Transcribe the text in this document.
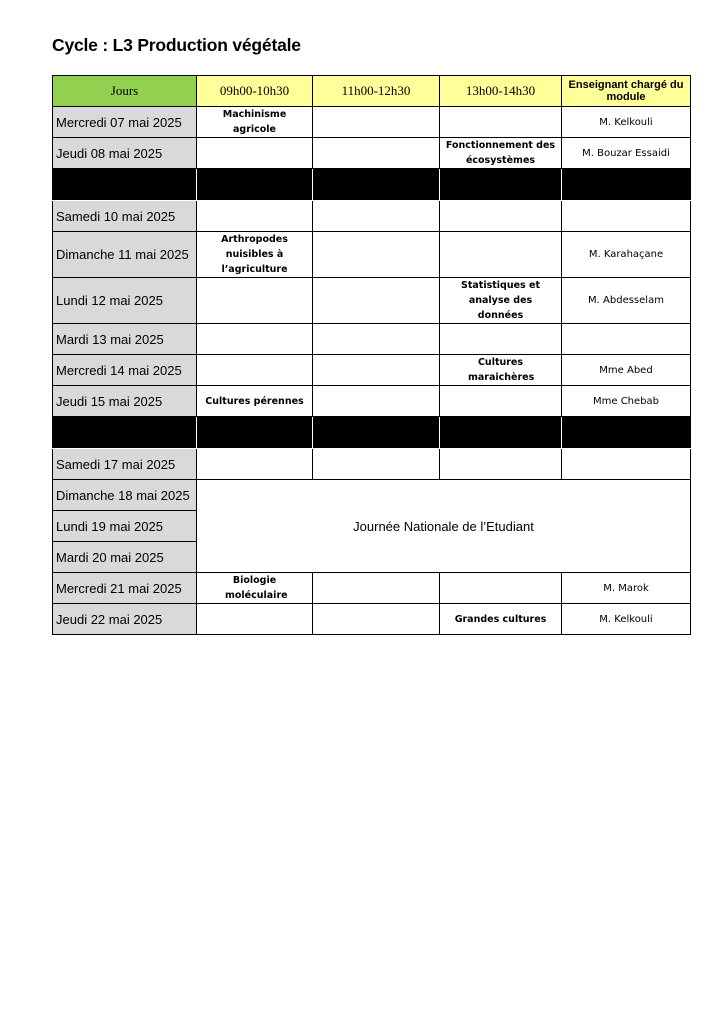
Cycle : L3 Production végétale
Jours	09h00-10h30	11h00-12h30	13h00-14h30	Enseignant chargé du module
Mercredi 07 mai 2025	Machinisme agricole			M. Kelkouli
Jeudi 08 mai 2025			Fonctionnement des écosystèmes	M. Bouzar Essaidi

Samedi 10 mai 2025				
Dimanche 11 mai 2025	Arthropodes nuisibles à l’agriculture			M. Karahaçane
Lundi 12 mai 2025			Statistiques et analyse des données	M. Abdesselam
Mardi 13 mai 2025				
Mercredi 14 mai 2025			Cultures maraichères	Mme Abed
Jeudi 15 mai 2025	Cultures pérennes			Mme Chebab

Samedi 17 mai 2025				
Dimanche 18 mai 2025	Journée Nationale de l’Etudiant			
Lundi 19 mai 2025				
Mardi 20 mai 2025				
Mercredi 21 mai 2025	Biologie moléculaire			M. Marok
Jeudi 22 mai 2025			Grandes cultures	M. Kelkouli
